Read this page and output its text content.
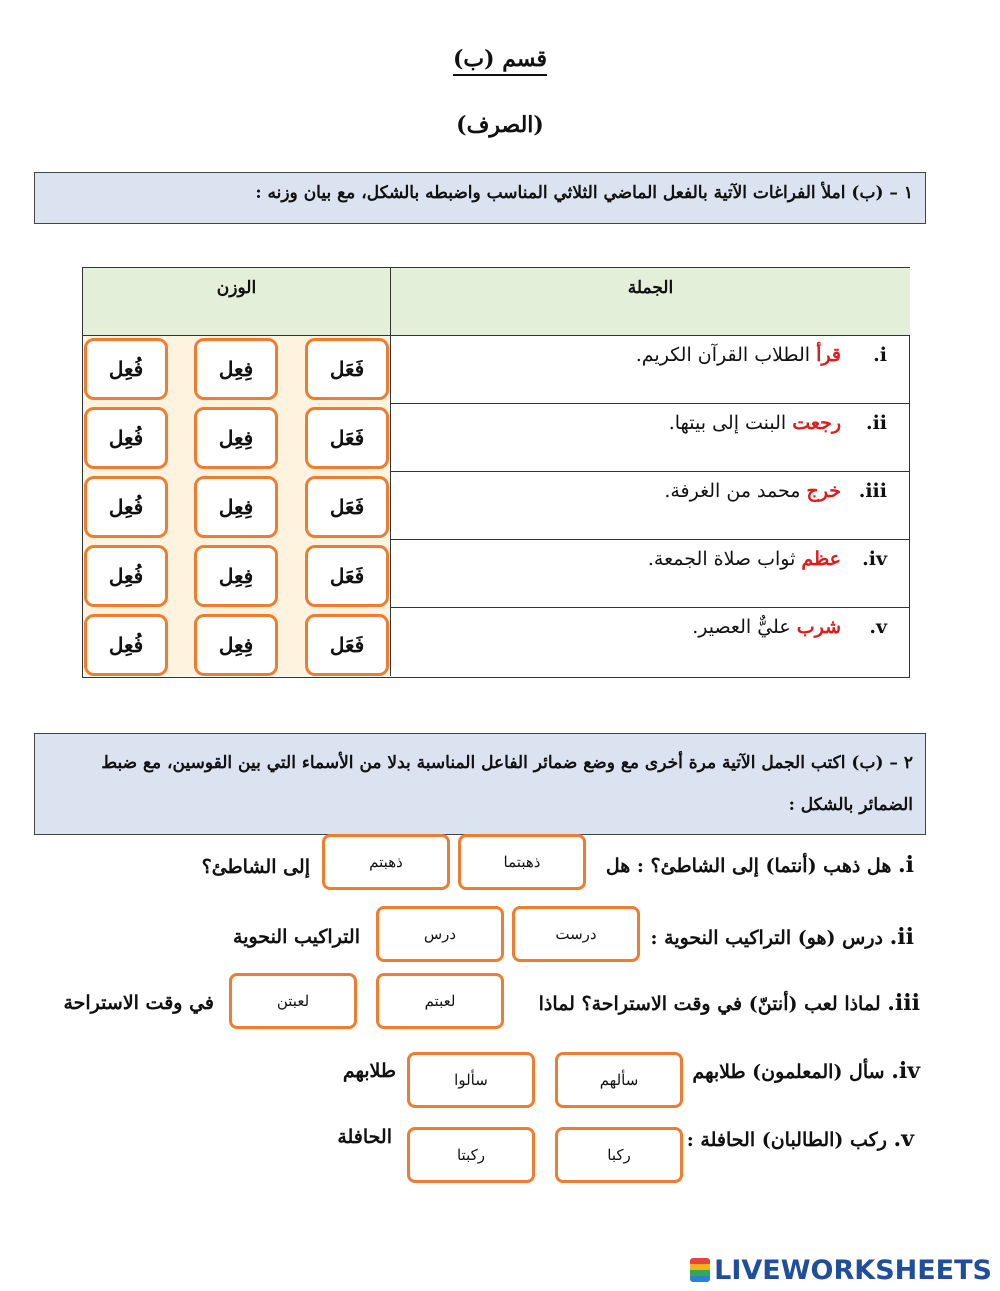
قسم (ب)
(الصرف)
١ – (ب) املأ الفراغات الآتية بالفعل الماضي الثلاثي المناسب واضبطه بالشكل، مع بيان وزنه :
الجملة
الوزن
i.قرأ الطلاب القرآن الكريم.
ii.رجعت البنت إلى بيتها.
iii.خرج محمد من الغرفة.
iv.عظم ثواب صلاة الجمعة.
v.شرب عليٌّ العصير.
فَعَل
فِعِل
فُعِل
فَعَل
فِعِل
فُعِل
فَعَل
فِعِل
فُعِل
فَعَل
فِعِل
فُعِل
فَعَل
فِعِل
فُعِل
٢ – (ب) اكتب الجمل الآتية مرة أخرى مع وضع ضمائر الفاعل المناسبة بدلا من الأسماء التي بين القوسين، مع ضبط الضمائر بالشكل :
i. هل ذهب (أنتما) إلى الشاطئ؟ : هل
ذهبتما
ذهبتم
إلى الشاطئ؟
ii. درس (هو) التراكيب النحوية :
درست
درس
التراكيب النحوية
iii. لماذا لعب (أنتنّ) في وقت الاستراحة؟ لماذا
لعبتم
لعبتن
في وقت الاستراحة
iv. سأل (المعلمون) طلابهم
سألهم
سألوا
طلابهم
v. ركب (الطالبان) الحافلة :
ركبا
ركبتا
الحافلة
LIVEWORKSHEETS
